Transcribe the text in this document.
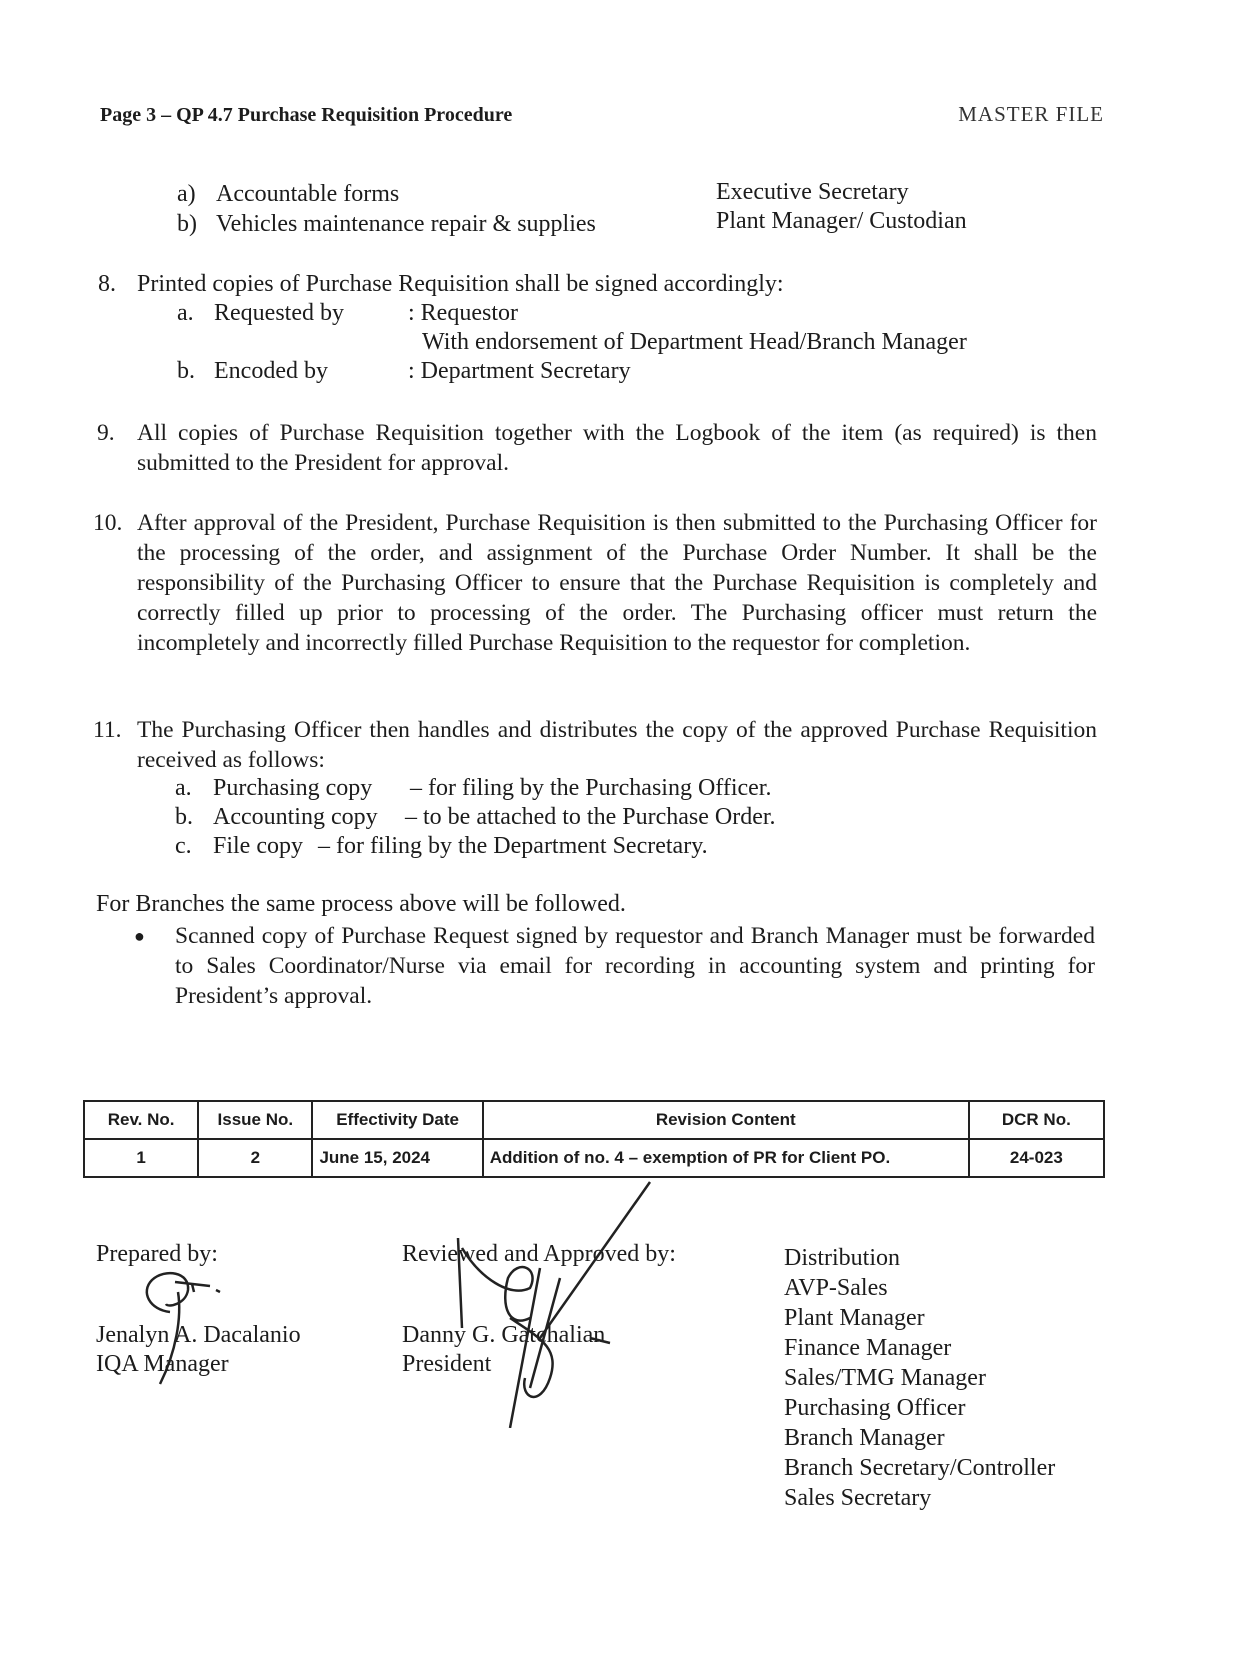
Page 3 – QP 4.7 Purchase Requisition Procedure	MASTER FILE
a) Accountable forms	Executive Secretary
b) Vehicles maintenance repair & supplies	Plant Manager/ Custodian
8. Printed copies of Purchase Requisition shall be signed accordingly:
a. Requested by	: Requestor
With endorsement of Department Head/Branch Manager
b. Encoded by	: Department Secretary
9. All copies of Purchase Requisition together with the Logbook of the item (as required) is then submitted to the President for approval.
10. After approval of the President, Purchase Requisition is then submitted to the Purchasing Officer for the processing of the order, and assignment of the Purchase Order Number. It shall be the responsibility of the Purchasing Officer to ensure that the Purchase Requisition is completely and correctly filled up prior to processing of the order. The Purchasing officer must return the incompletely and incorrectly filled Purchase Requisition to the requestor for completion.
11. The Purchasing Officer then handles and distributes the copy of the approved Purchase Requisition received as follows:
a. Purchasing copy – for filing by the Purchasing Officer.
b. Accounting copy – to be attached to the Purchase Order.
c. File copy – for filing by the Department Secretary.
For Branches the same process above will be followed.
● Scanned copy of Purchase Request signed by requestor and Branch Manager must be forwarded to Sales Coordinator/Nurse via email for recording in accounting system and printing for President’s approval.
Rev. No.	Issue No.	Effectivity Date	Revision Content	DCR No.
1	2	June 15, 2024	Addition of no. 4 – exemption of PR for Client PO.	24-023
Prepared by:
Jenalyn A. Dacalanio
IQA Manager
Reviewed and Approved by:
Danny G. Gatchalian
President
Distribution
AVP-Sales
Plant Manager
Finance Manager
Sales/TMG Manager
Purchasing Officer
Branch Manager
Branch Secretary/Controller
Sales Secretary
